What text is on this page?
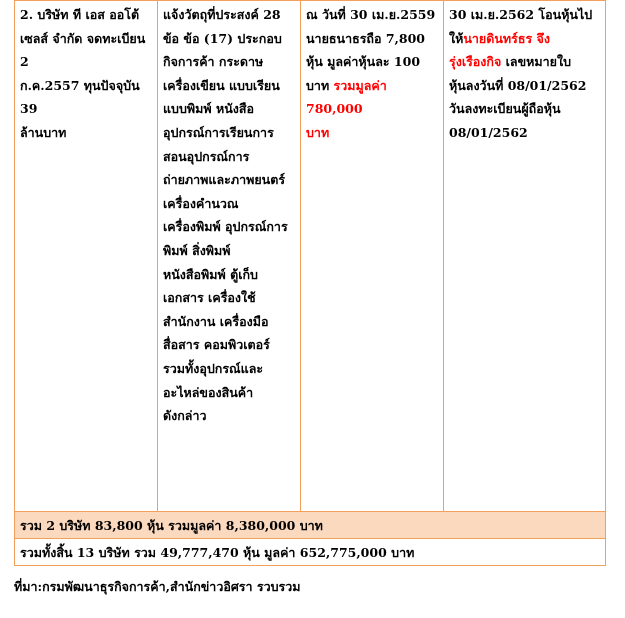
2. บริษัท ที เอส ออโต้
เซลส์ จำกัด จดทะเบียน 2
ก.ค.2557 ทุนปัจจุบัน 39
ล้านบาท

แจ้งวัตถุที่ประสงค์ 28
ข้อ ข้อ (17) ประกอบ
กิจการค้า กระดาษ
เครื่องเขียน แบบเรียน
แบบพิมพ์ หนังสือ
อุปกรณ์การเรียนการ
สอนอุปกรณ์การ
ถ่ายภาพและภาพยนตร์
เครื่องคำนวณ
เครื่องพิมพ์ อุปกรณ์การ
พิมพ์ สิ่งพิมพ์
หนังสือพิมพ์ ตู้เก็บ
เอกสาร เครื่องใช้
สำนักงาน เครื่องมือ
สื่อสาร คอมพิวเตอร์
รวมทั้งอุปกรณ์และ
อะไหล่ของสินค้า
ดังกล่าว

ณ วันที่ 30 เม.ย.2559
นายธนาธรถือ 7,800
หุ้น มูลค่าหุ้นละ 100
บาท รวมมูลค่า 780,000
บาท

30 เม.ย.2562 โอนหุ้นไป
ให้นายดินทร์ธร จึง
รุ่งเรืองกิจ เลขหมายใบ
หุ้นลงวันที่ 08/01/2562
วันลงทะเบียนผู้ถือหุ้น
08/01/2562

รวม 2 บริษัท 83,800 หุ้น รวมมูลค่า 8,380,000 บาท
รวมทั้งสิ้น 13 บริษัท รวม 49,777,470 หุ้น มูลค่า 652,775,000 บาท
ที่มา:กรมพัฒนาธุรกิจการค้า,สำนักข่าวอิศรา รวบรวม
